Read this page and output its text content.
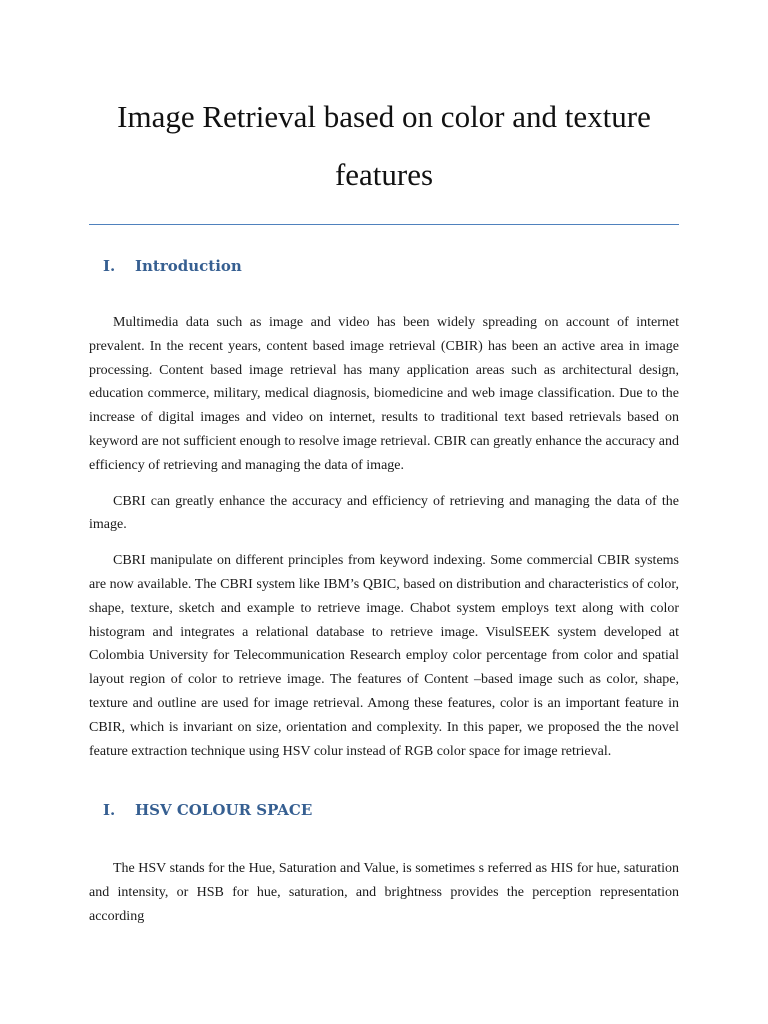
Image Retrieval based on color and texture features
I.	Introduction

Multimedia data such as image and video has been widely spreading on account of internet prevalent. In the recent years, content based image retrieval (CBIR) has been an active area in image processing. Content based image retrieval has many application areas such as architectural design, education commerce, military, medical diagnosis, biomedicine and web image classification. Due to the increase of digital images and video on internet, results to traditional text based retrievals based on keyword are not sufficient enough to resolve image retrieval. CBIR can greatly enhance the accuracy and efficiency of retrieving and managing the data of image.

CBRI can greatly enhance the accuracy and efficiency of retrieving and managing the data of the image.

CBRI manipulate on different principles from keyword indexing. Some commercial CBIR systems are now available. The CBRI system like IBM’s QBIC, based on distribution and characteristics of color, shape, texture, sketch and example to retrieve image. Chabot system employs text along with color histogram and integrates a relational database to retrieve image. VisulSEEK system developed at Colombia University for Telecommunication Research employ color percentage from color and spatial layout region of color to retrieve image. The features of Content –based image such as color, shape, texture and outline are used for image retrieval. Among these features, color is an important feature in CBIR, which is invariant on size, orientation and complexity. In this paper, we proposed the the novel feature extraction technique using HSV colur instead of RGB color space for image retrieval.

I.	HSV COLOUR SPACE

The HSV stands for the Hue, Saturation and Value, is sometimes s referred as HIS for hue, saturation and intensity, or HSB for hue, saturation, and brightness provides the perception representation according
